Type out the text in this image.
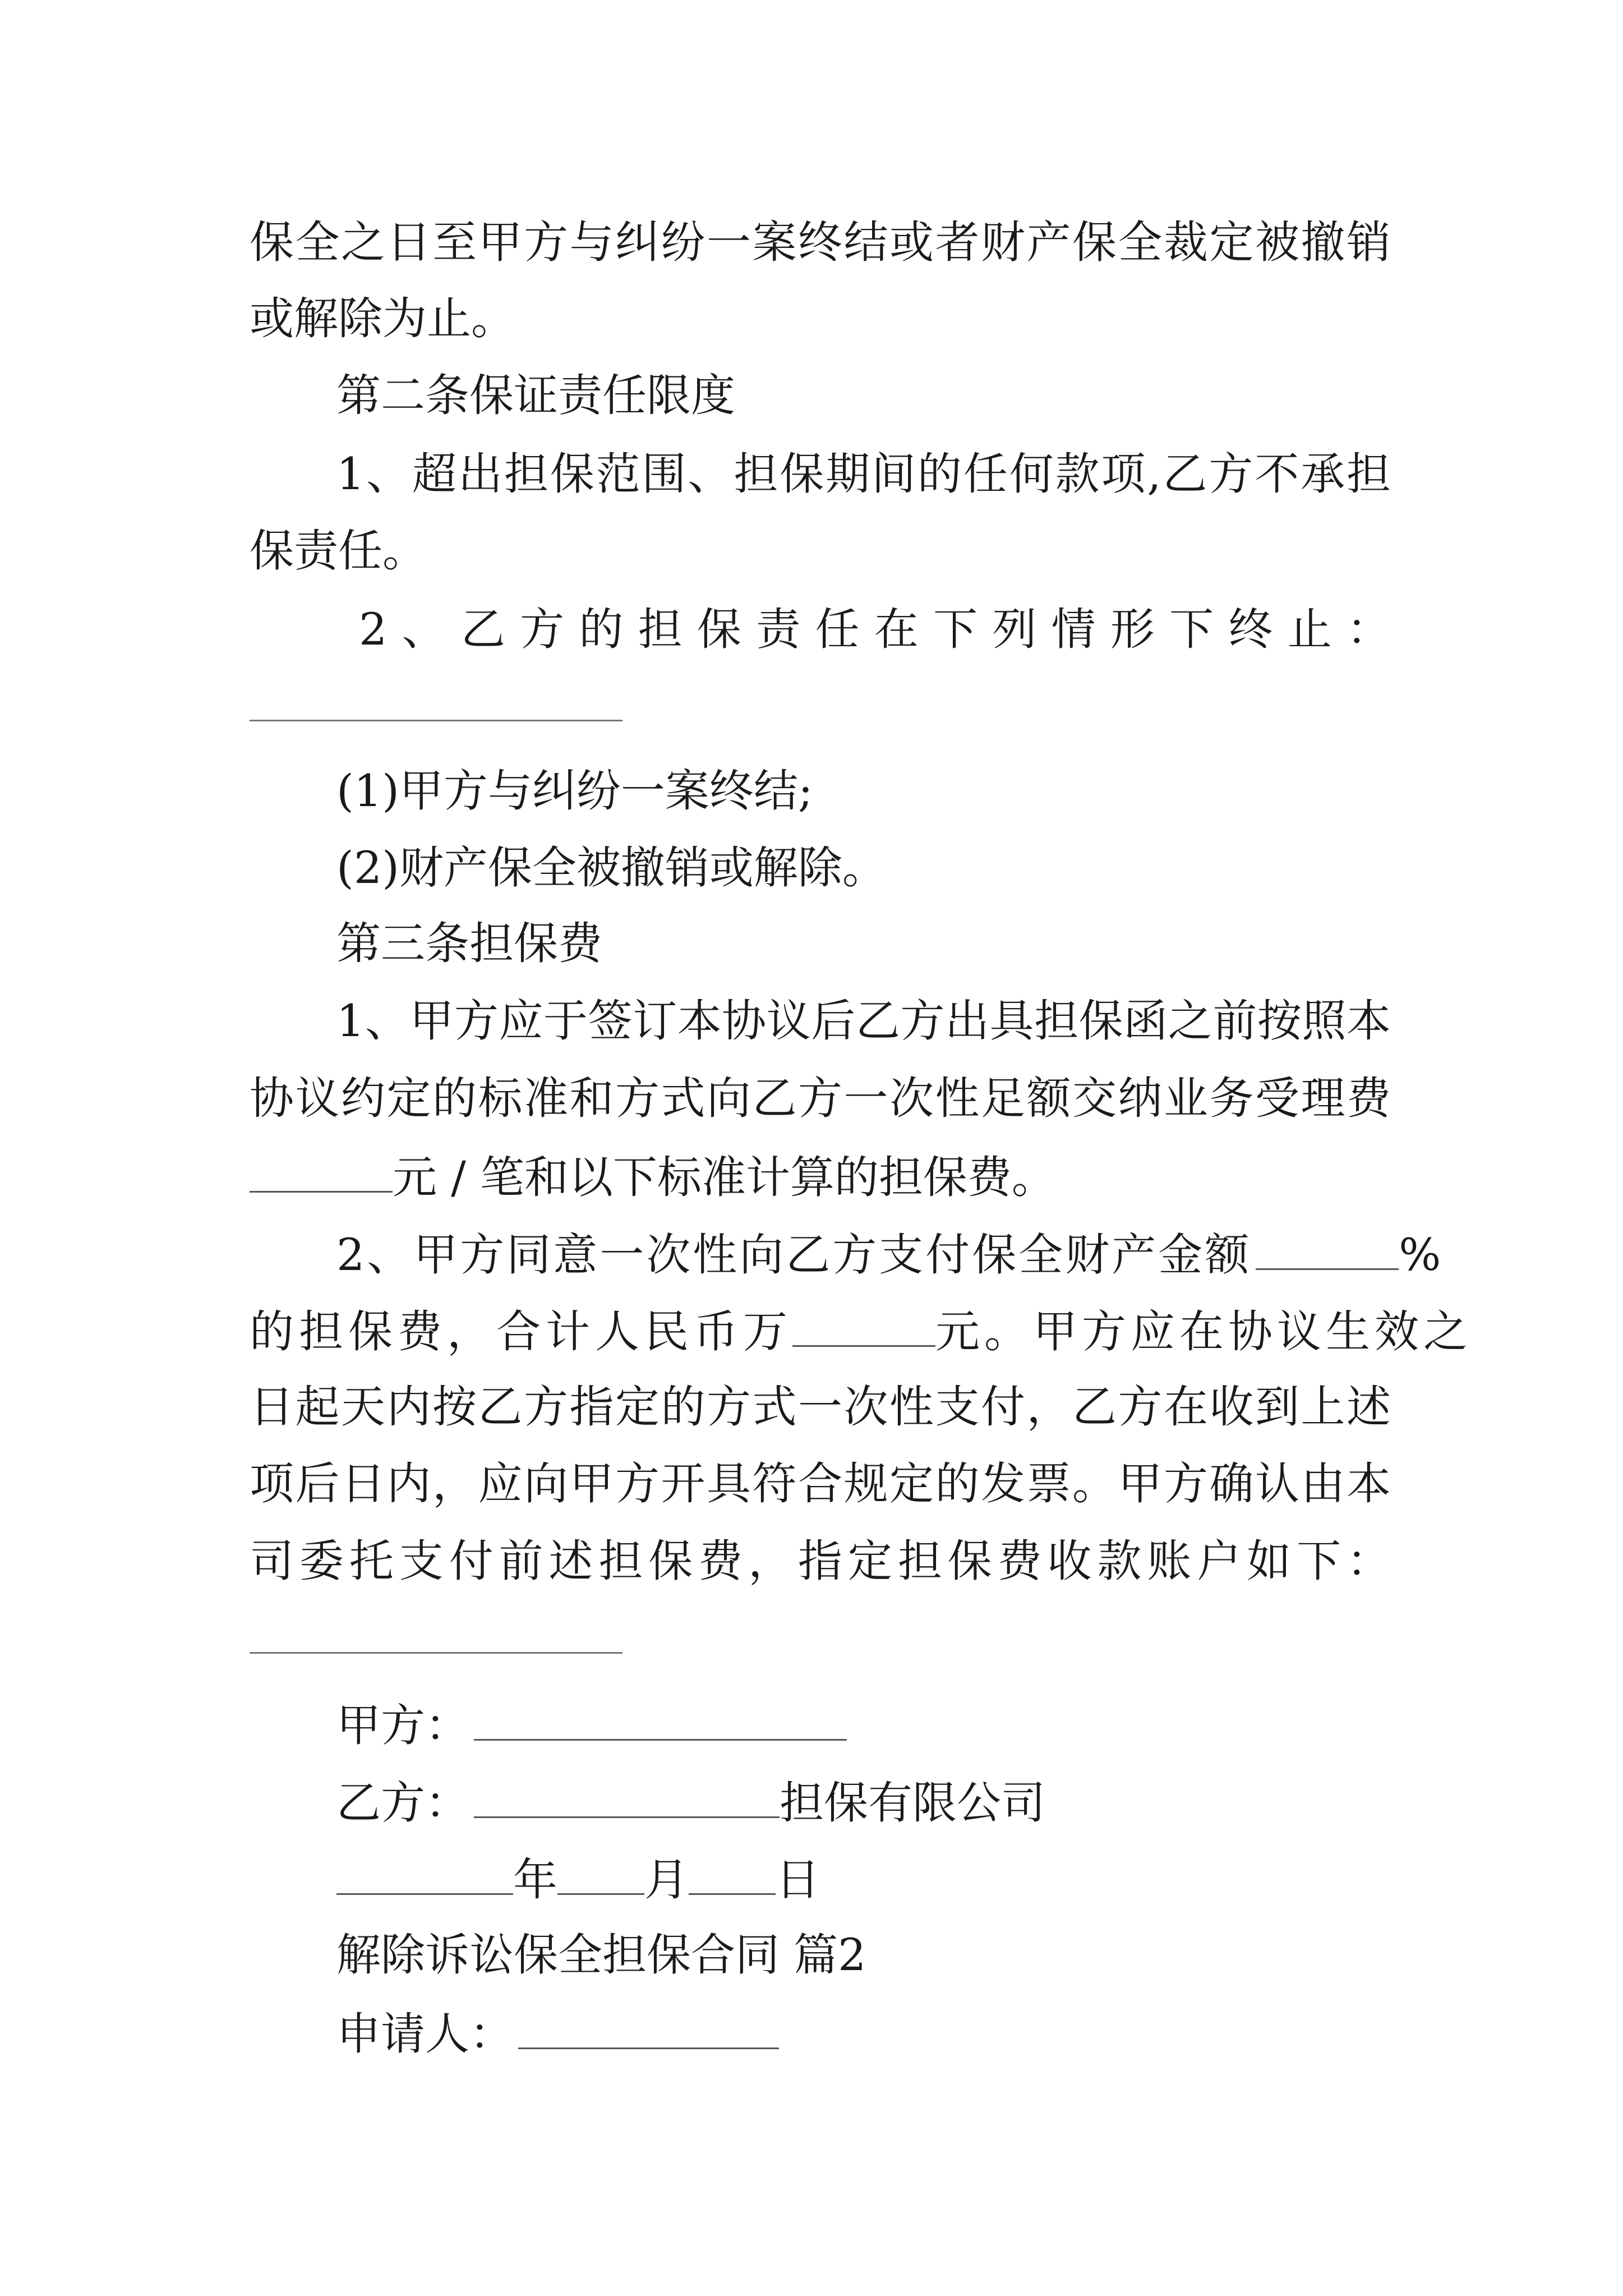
保全之日至甲方与纠纷一案终结或者财产保全裁定被撤销
或解除为止。
第二条保证责任限度
1、超出担保范围、担保期间的任何款项,乙方不承担
保责任。
2、乙方的担保责任在下列情形下终止：
(1)甲方与纠纷一案终结;
(2)财产保全被撤销或解除。
第三条担保费
1、甲方应于签订本协议后乙方出具担保函之前按照本
协议约定的标准和方式向乙方一次性足额交纳业务受理费
元 / 笔和以下标准计算的担保费。
2、甲方同意一次性向乙方支付保全财产金额	%
的担保费，合计人民币万	元。甲方应在协议生效之
日起天内按乙方指定的方式一次性支付，乙方在收到上述
项后日内，应向甲方开具符合规定的发票。甲方确认由本
司委托支付前述担保费，指定担保费收款账户如下：
甲方：
乙方：	担保有限公司
年 月 日
解除诉讼保全担保合同 篇2
申请人：
